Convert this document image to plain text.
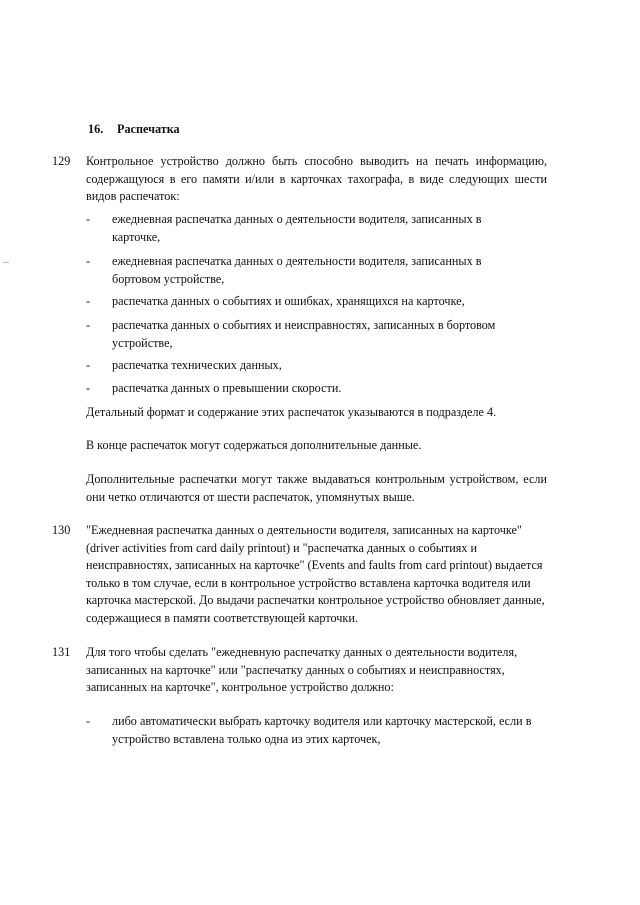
16. Распечатка
129 Контрольное устройство должно быть способно выводить на печать информацию, содержащуюся в его памяти и/или в карточках тахографа, в виде следующих шести видов распечаток:
- ежедневная распечатка данных о деятельности водителя, записанных в карточке,
- ежедневная распечатка данных о деятельности водителя, записанных в бортовом устройстве,
- распечатка данных о событиях и ошибках, хранящихся на карточке,
- распечатка данных о событиях и неисправностях, записанных в бортовом устройстве,
- распечатка технических данных,
- распечатка данных о превышении скорости.
Детальный формат и содержание этих распечаток указываются в подразделе 4.
В конце распечаток могут содержаться дополнительные данные.
Дополнительные распечатки могут также выдаваться контрольным устройством, если они четко отличаются от шести распечаток, упомянутых выше.
130 "Ежедневная распечатка данных о деятельности водителя, записанных на карточке" (driver activities from card daily printout) и "распечатка данных о событиях и неисправностях, записанных на карточке" (Events and faults from card printout) выдается только в том случае, если в контрольное устройство вставлена карточка водителя или карточка мастерской. До выдачи распечатки контрольное устройство обновляет данные, содержащиеся в памяти соответствующей карточки.
131 Для того чтобы сделать "ежедневную распечатку данных о деятельности водителя, записанных на карточке" или "распечатку данных о событиях и неисправностях, записанных на карточке", контрольное устройство должно:
- либо автоматически выбрать карточку водителя или карточку мастерской, если в устройство вставлена только одна из этих карточек,
